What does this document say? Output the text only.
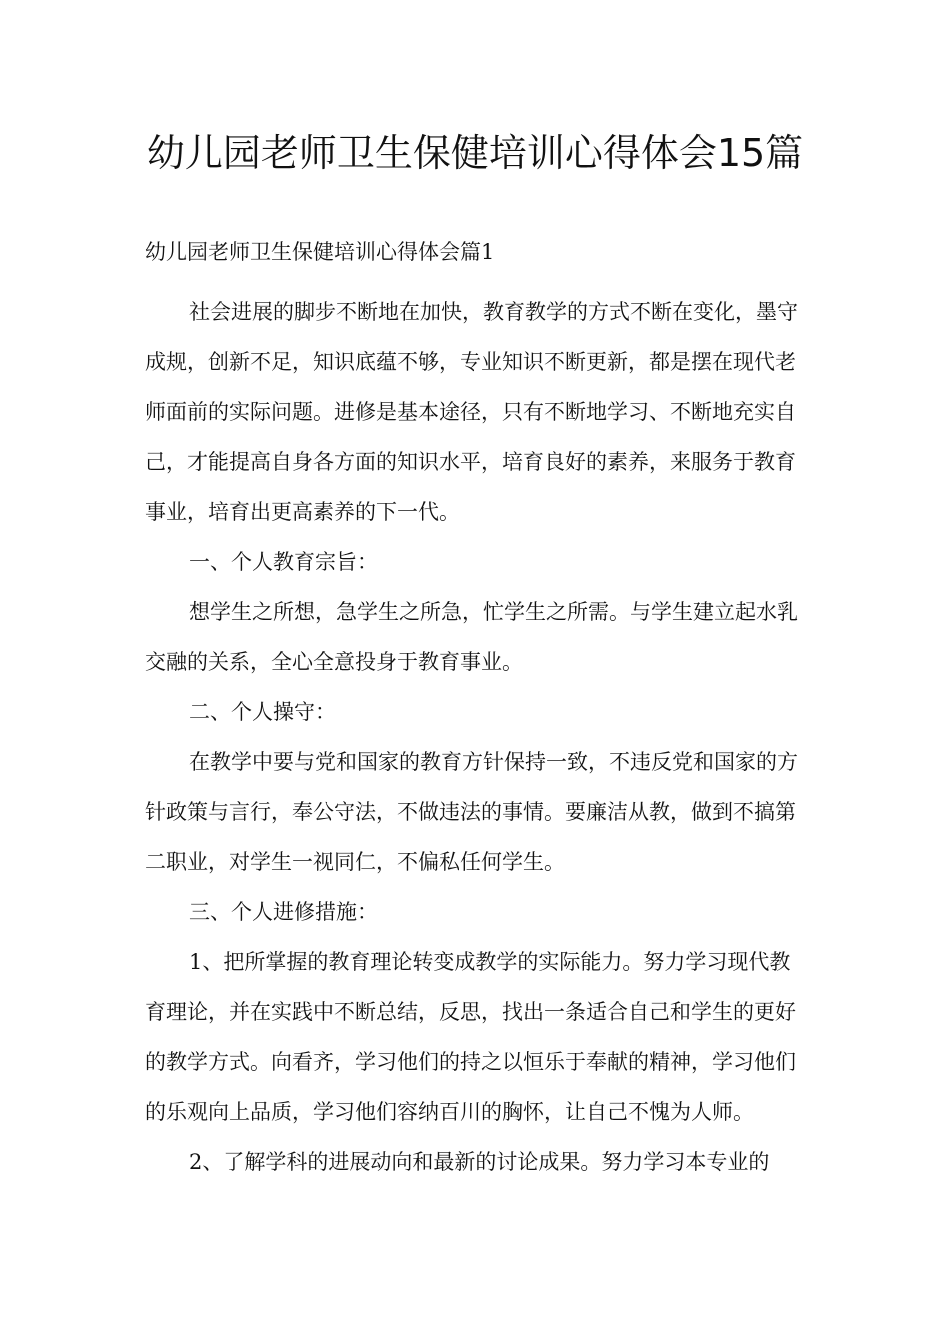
幼儿园老师卫生保健培训心得体会15篇
幼儿园老师卫生保健培训心得体会篇1

社会进展的脚步不断地在加快，教育教学的方式不断在变化，墨守成规，创新不足，知识底蕴不够，专业知识不断更新，都是摆在现代老师面前的实际问题。进修是基本途径，只有不断地学习、不断地充实自己，才能提高自身各方面的知识水平，培育良好的素养，来服务于教育事业，培育出更高素养的下一代。

一、个人教育宗旨：

想学生之所想，急学生之所急，忙学生之所需。与学生建立起水乳交融的关系，全心全意投身于教育事业。

二、个人操守：

在教学中要与党和国家的教育方针保持一致，不违反党和国家的方针政策与言行，奉公守法，不做违法的事情。要廉洁从教，做到不搞第二职业，对学生一视同仁，不偏私任何学生。

三、个人进修措施：

1、把所掌握的教育理论转变成教学的实际能力。努力学习现代教育理论，并在实践中不断总结，反思，找出一条适合自己和学生的更好的教学方式。向看齐，学习他们的持之以恒乐于奉献的精神，学习他们的乐观向上品质，学习他们容纳百川的胸怀，让自己不愧为人师。

2、了解学科的进展动向和最新的讨论成果。努力学习本专业的
